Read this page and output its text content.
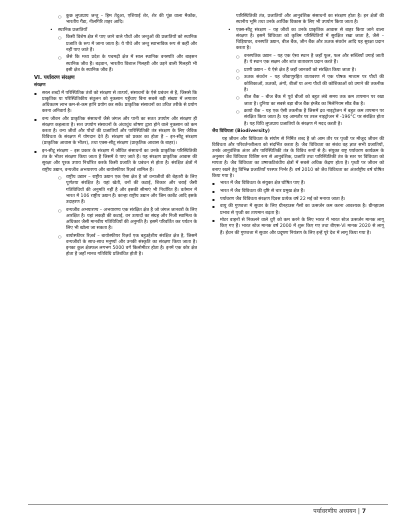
○ कुछ लुप्तप्राय जन्तु – हिम तेंदुआ, एशियाई शेर, शेर की पूंछ वाला मैकॉक, भारतीय गैंडा, नीलगिरि ताहर आदि।

• स्थानिक प्रजातियाँ

○ किसी विशेष क्षेत्र में पाए जाने वाले पौधों और जन्तुओं की प्रजातियों को स्थानिक प्रजाति के रूप में जाना जाता है। ये पौधे और जन्तु स्वाभाविक रूप से कहीं और नहीं पाए जाते हैं।

○ जैसे कि मध्य प्रदेश के पचमढ़ी क्षेत्र में साल स्थानिक वनस्पति और बाइसन स्थानिक जीव हैं। बढ़वान, भारतीय विशाल गिलहरी और उड़ने वाली गिलहरी भी इसी क्षेत्र के स्थानिक जीव हैं।

VI. पर्यावरण संरक्षण

संरक्षण

▪ सरल शब्दों में परिस्थितिक तंत्रों को संरक्षण से तात्पर्य, संसाधनों के ऐसे प्रबंधन से है, जिससे कि प्राकृतिक या परिस्थितिकीय संतुलन को नुकसान पहुँचाए बिना सबसे बड़ी संख्या में लगातार अधिकतम लाभ कम-से-कम हानि प्रयोग कर सकें। प्राकृतिक संसाधनों का उचित तरीके से प्रयोग करना अनिवार्य है।

▪ वन्य जीवन और प्राकृतिक संसाधनों जैसे जंगल और पानी का सतत उपयोग और संरक्षण ही संरक्षण कहलाता है। सत्त उपयोग संसाधनों के अंधाधुंध शोषण द्वारा होने वाले नुकसान को कम करता है। वन्य जीवों और पौधों की प्रजातियाँ और पारिस्थितिकी तंत्र संरक्षण के लिए जैविक विविधता के संरक्षण में योगदान देते हैं। संरक्षण को प्रकार का होता है – इन-सीटू संरक्षण (प्राकृतिक आवास के भीतर), तथा एक्स-सीटू संरक्षण (प्राकृतिक आवास के बाहर)।

▪ इन-सीटू संरक्षण – इस प्रकार के संरक्षण में जीवित संसाधनों का उनके प्राकृतिक परिस्थितिकी तंत्र के भीतर संरक्षण किया जाता है जिसमें वे पाए जाते हैं। यह संरक्षण प्राकृतिक आवास की सुरक्षा और पूरक उपाय निर्धारित करके किसी प्रजाति के प्रबंधन से होता है। संरक्षित क्षेत्रों में राष्ट्रीय उद्यान, वन्यजीव अभयारण्य और बायोस्फीयर रिज़र्व शामिल हैं।

○ राष्ट्रीय उद्यान – राष्ट्रीय उद्यान एक ऐसा क्षेत्र है जो वन्यजीवों की बेहतरी के लिए पूर्णतया संरक्षित है। यहां खेती, वनों की कटाई, शिकार और चराई जैसी गतिविधियों की अनुमति नहीं है और इसकी सीमाएं भी निर्धारित हैं। वर्तमान में भारत में 106 राष्ट्रीय उद्यान हैं। कान्हा राष्ट्रीय उद्यान और जिम कार्बेट आदि इसके उदाहरण हैं।

○ वन्यजीव अभयारण्य – अभयारण्य एक संरक्षित क्षेत्र है जो जंगल जानवरों के लिए आरक्षित है। यहां लकड़ी की कटाई, वन उत्पादों का संग्रह और निजी स्वामित्व के अधिकार जैसी मानवीय गतिविधियों की अनुमति है। इसमें परिवर्तित कर पर्यटन के लिए भी खोला जा सकता है।

○ बायोस्फीयर रिज़र्व – बायोस्फीयर रिज़र्व एक बहुउद्देशीय संरक्षित क्षेत्र है, जिसमें वन्यजीवों के साथ-साथ मनुष्यों और उनकी संस्कृति का संरक्षण किया जाता है। इनका कुल क्षेत्रफल लगभग 5000 वर्ग किलोमीटर होता है। इनमें एक कोर क्षेत्र होता है जहाँ मानव गतिविधि प्रतिबंधित होती है।

पारिस्थितिकी तंत्र, प्रजातियों और आनुवंशिक संसाधनों का संरक्षण होता है। इन क्षेत्रों की स्थानीय भूमि तथा उनके आर्थिक विकास के लिए भी उपयोग किया जाता है।

• एक्स-सीटू संरक्षण – यह जीवों का उनके प्राकृतिक आवास से बाहर किया जाने वाला संरक्षण है। इसमें विविधता को कृत्रिम परिस्थितियों में सुरक्षित रखा जाता है, जैसे – चिड़ियाघर, वनस्पति उद्यान, बीज बैंक, जीन बैंक और ऊतक संवर्धन आदि यह सुरक्षा प्रदान करता है।

○ वनस्पतिक उद्यान – यह एक ऐसा स्थान है जहाँ फूल, फल और सब्जियाँ उगाई जाती हैं। ये स्थान एक सक्षम और शांत वातावरण प्रदान करते हैं।

○ प्राणी उद्यान – ये ऐसे क्षेत्र हैं जहाँ जानवरों को संरक्षित किया जाता है।

○ ऊतक संवर्धन – यह जीवाणुरहित वातावरण में एक पोषक माध्यम पर पौधों की कोशिकाओं, ऊतकों, अंगों, बीजों या अन्य पौधों की कोशिकाओं को उगाने की तकनीक है।

○ बीज बैंक – बीज बैंक में पूर्व बीजों को बहुत लंबे समय तक कम तापमान पर रखा जाता है। दुनिया का सबसे बड़ा बीज बैंक इंग्लैंड का मिलेनियम सीड बैंक है।

○ क्रायो बैंक – यह एक ऐसी तकनीक है जिसमें द्रव नाइट्रोजन में बहुत कम तापमान पर संरक्षित किया जाता है। यह आमतौर पर तरल नाइट्रोजन में -196°C पर संरक्षित होता है। यह विधि लुप्तप्राय प्रजातियों के संरक्षण में मदद करती है।

जैव विविधता (Biodiversity)

यह जीवन और विविधता के संयोग से निर्मित शब्द है जो आम तौर पर पृथ्वी पर मौजूद जीवन की विविधता और परिवर्तनशीलता को संदर्भित करता है। जैव विविधता का संबंध वह ज्ञात सभी प्रजातियों, उनके आनुवंशिक अंतर और पारिस्थितिकी तंत्र के विविध रूपों से है। संयुक्त राष्ट्र पर्यावरण कार्यक्रम के अनुसार जैव विविधता विशिष्ट रूप से आनुवंशिक, प्रजाति तथा पारिस्थितिकी तंत्र के स्तर पर विविधता को मापता है। जैव विविधता का उष्णकटिबंधीय क्षेत्रों में सबसे अधिक केंद्रण होता है। पृथ्वी पर जीवन को बनाए रखने हेतु विभिन्न प्रजातियाँ परस्पर निर्भर हैं। वर्ष 2010 को जैव विविधता का अंतर्राष्ट्रीय वर्ष घोषित किया गया है।

▪ भारत में जैव विविधता के संयुक्त क्षेत्र घोषित पाए हैं।

▪ भारत में जैव विविधता की दृष्टि से चार प्रमुख क्षेत्र हैं।

▪ पर्यावरण जैव विविधता संरक्षण दिवस प्रत्येक वर्ष 22 मई को मनाया जाता है।

▪ वायु की गुणवत्ता में सुधार के लिए ग्रीनहाउस गैसों का उत्सर्जन कम करना आवश्यक है। ग्रीनहाउस प्रभाव से पृथ्वी का तापमान बढ़ता है।

▪ मोटर वाहनों से निकलने वाले धुएँ को कम करने के लिए भारत में भारत स्टेज उत्सर्जन मानक लागू किए गए हैं। भारत स्टेज मानक वर्ष 2000 में शुरू किए गए तथा बीएस-VI मानक 2020 से लागू हैं। ईंधन की गुणवत्ता में सुधार और प्रदूषण नियंत्रण के लिए इन्हें पूरे देश में लागू किया गया है।

पर्यावरणीय अध्ययन | 7
